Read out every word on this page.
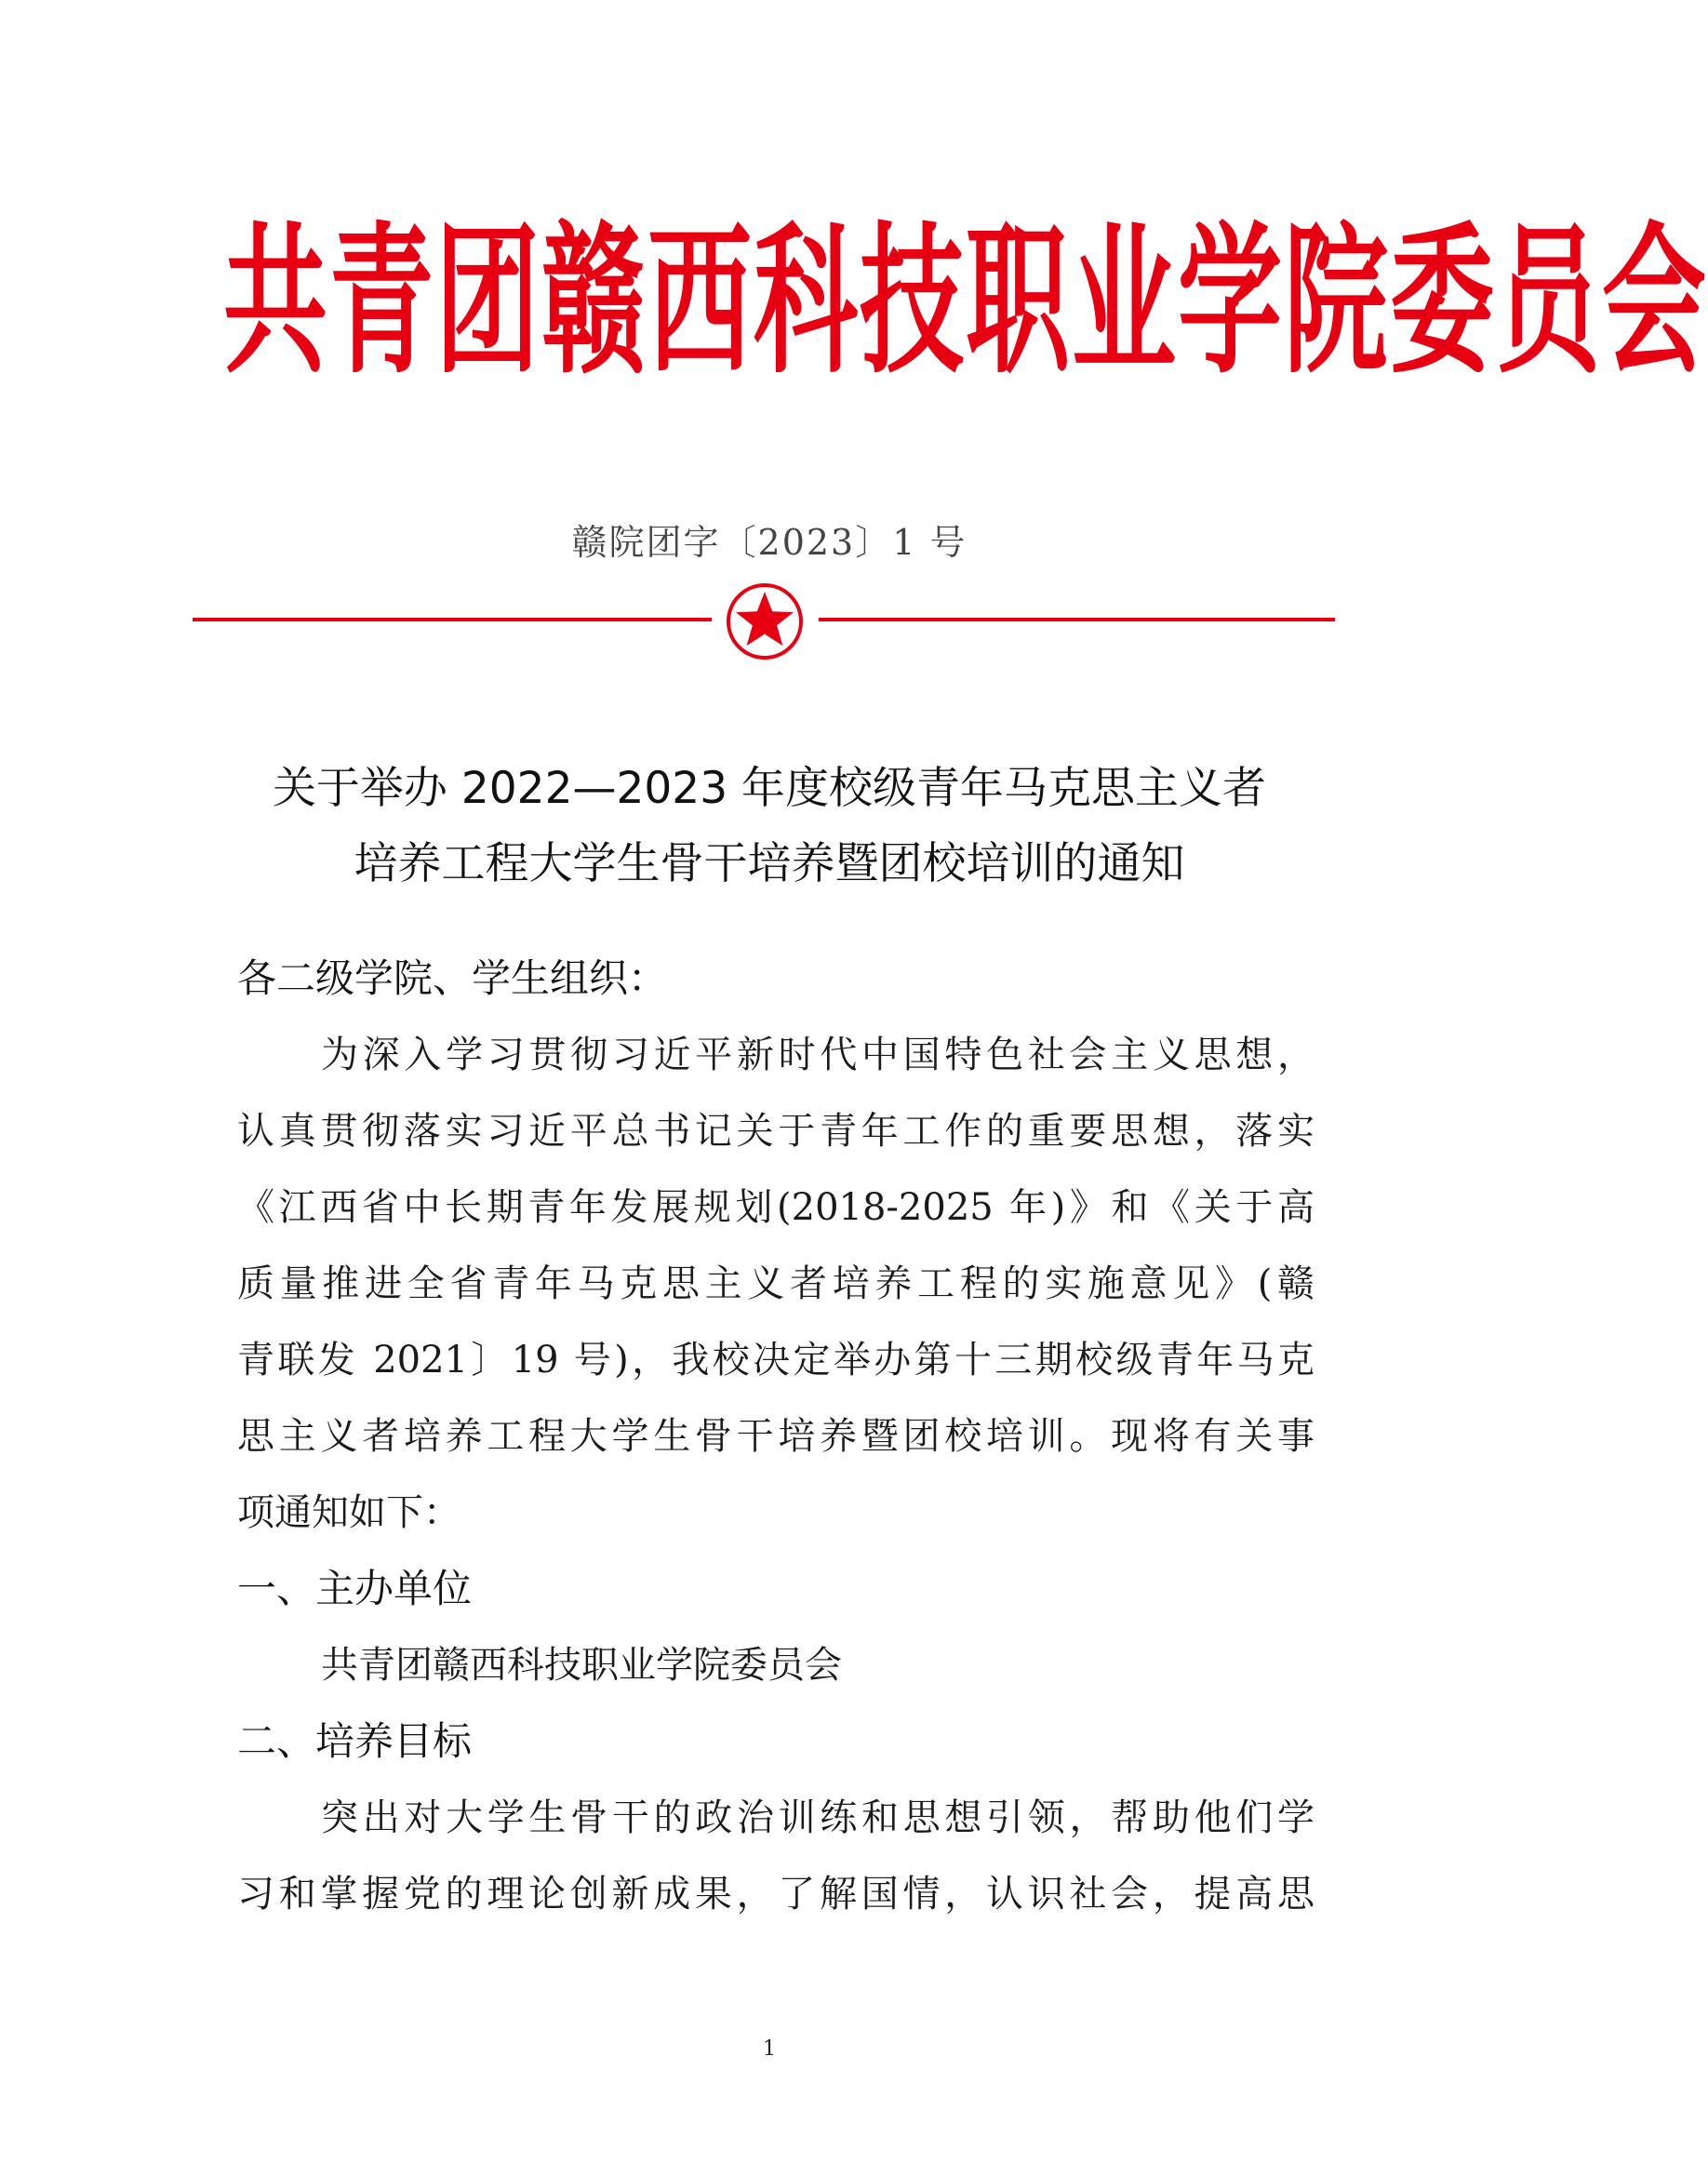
共青团赣西科技职业学院委员会
赣院团字〔2023〕1 号
关于举办 2022—2023 年度校级青年马克思主义者
培养工程大学生骨干培养暨团校培训的通知
各二级学院、学生组织：
为深入学习贯彻习近平新时代中国特色社会主义思想，
认真贯彻落实习近平总书记关于青年工作的重要思想，落实
《江西省中长期青年发展规划(2018-2025 年)》和《关于高
质量推进全省青年马克思主义者培养工程的实施意见》(赣
青联发 2021〕19 号)，我校决定举办第十三期校级青年马克
思主义者培养工程大学生骨干培养暨团校培训。现将有关事
项通知如下：
一、主办单位
共青团赣西科技职业学院委员会
二、培养目标
突出对大学生骨干的政治训练和思想引领，帮助他们学
习和掌握党的理论创新成果，了解国情，认识社会，提高思
1
